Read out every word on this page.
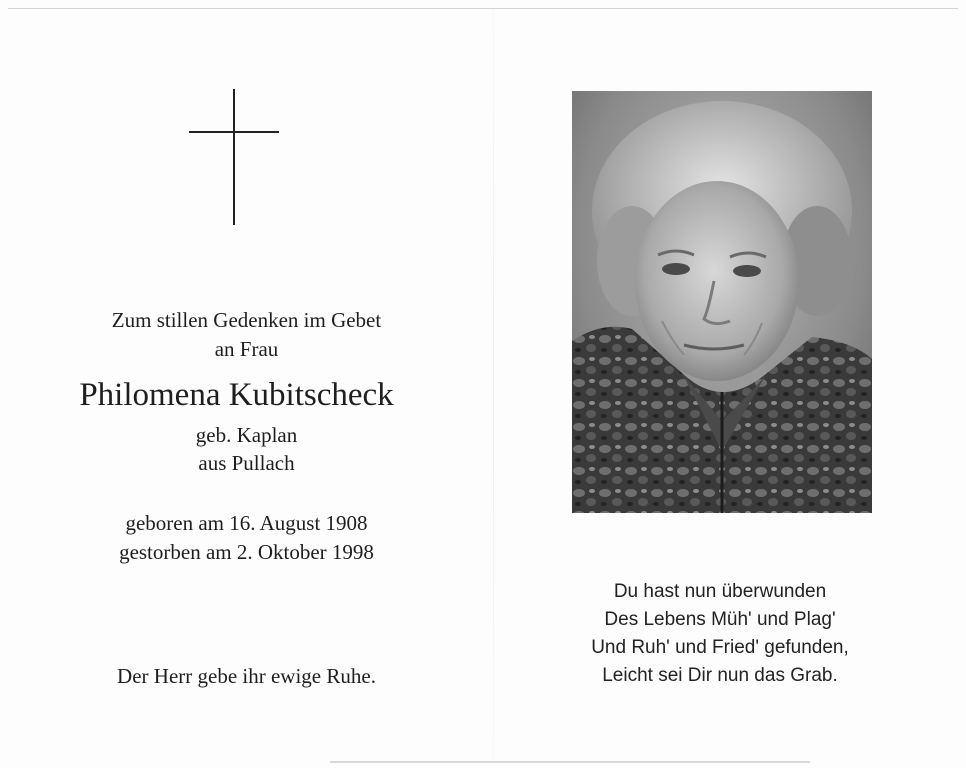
Zum stillen Gedenken im Gebet
an Frau
Philomena Kubitscheck
geb. Kaplan
aus Pullach
geboren am 16. August 1908
gestorben am 2. Oktober 1998
Der Herr gebe ihr ewige Ruhe.
Du hast nun überwunden
Des Lebens Müh' und Plag'
Und Ruh' und Fried' gefunden,
Leicht sei Dir nun das Grab.
